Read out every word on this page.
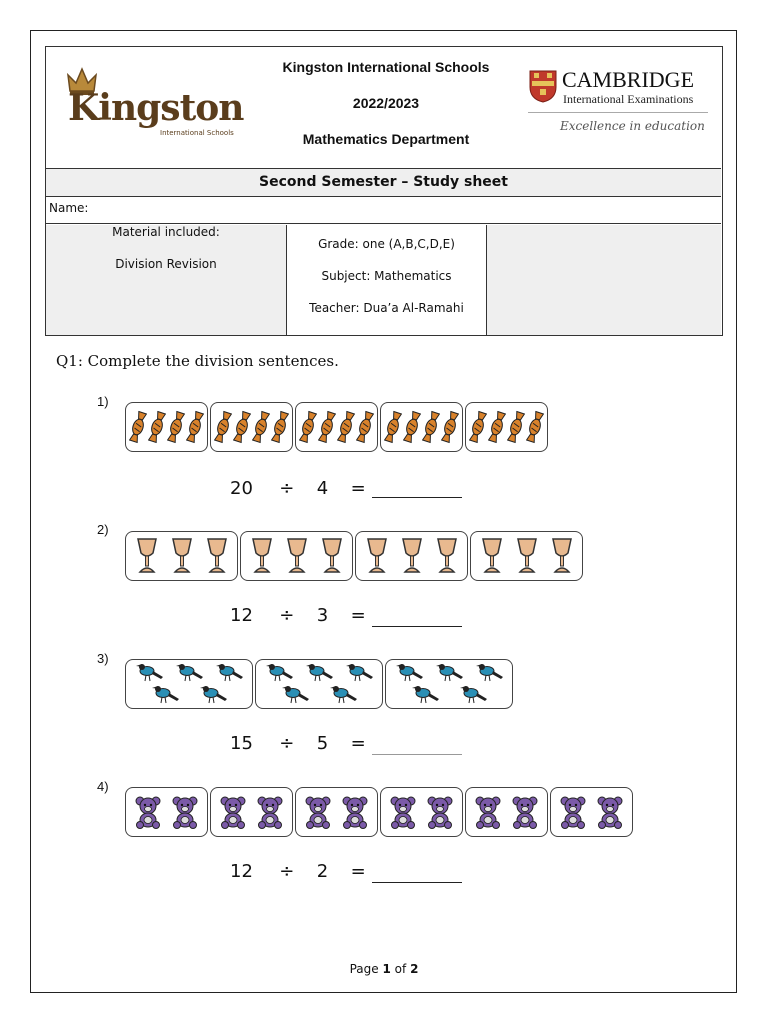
Kingston
International Schools
Kingston International Schools
2022/2023
Mathematics Department
CAMBRIDGE
International Examinations
Excellence in education
Second Semester – Study sheet
Name:
Material included:
Division Revision
Grade: one (A,B,C,D,E)
Subject: Mathematics
Teacher: Dua’a Al-Ramahi
Q1: Complete the division sentences.
1)
20 ÷ 4 =
2)
12 ÷ 3 =
3)
15 ÷ 5 =
4)
12 ÷ 2 =
Page 1 of 2
